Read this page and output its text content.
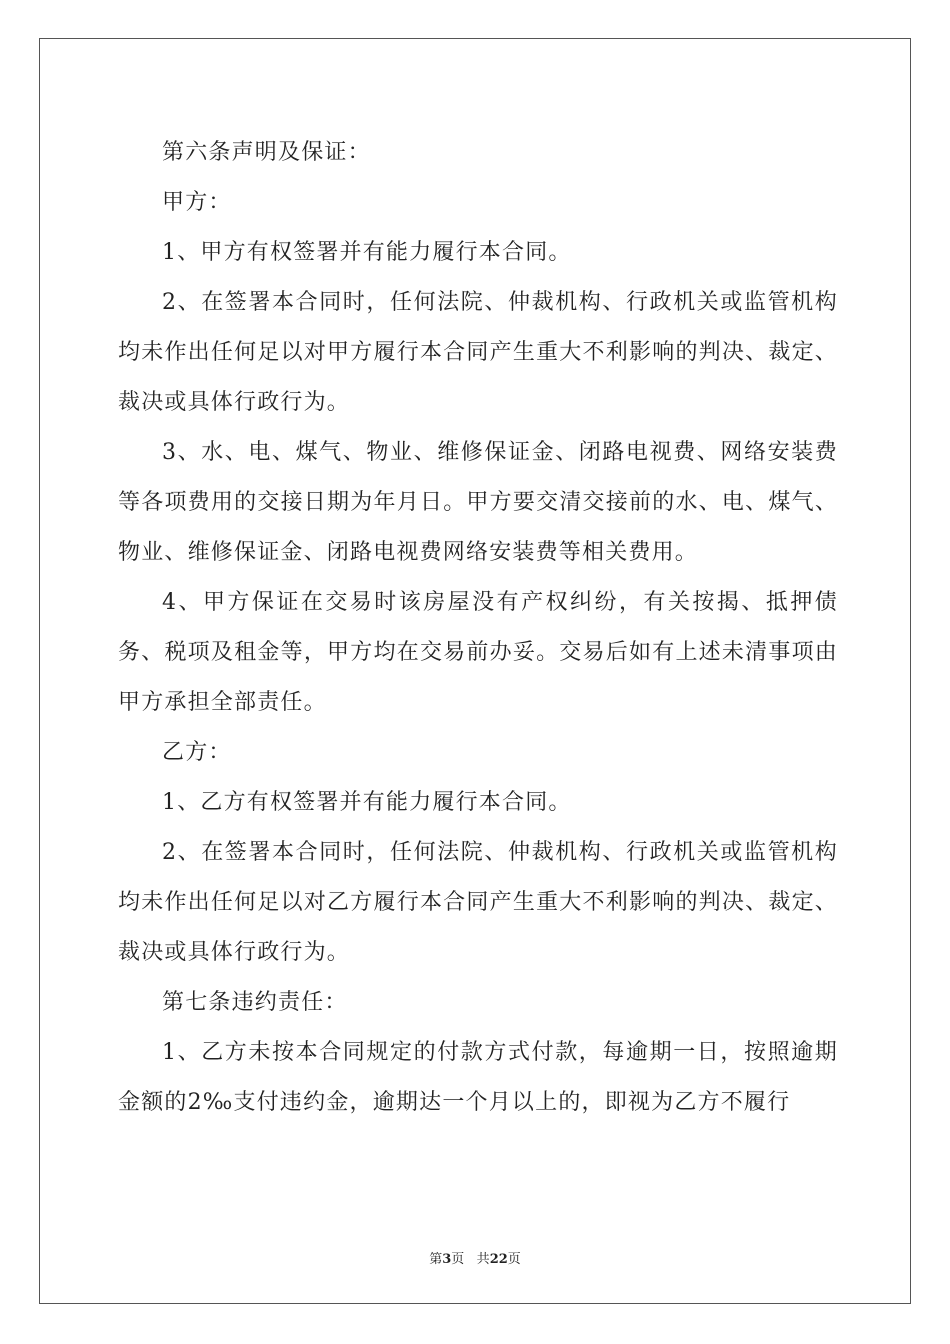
第六条声明及保证：

甲方：

1、甲方有权签署并有能力履行本合同。

2、在签署本合同时，任何法院、仲裁机构、行政机关或监管机构均未作出任何足以对甲方履行本合同产生重大不利影响的判决、裁定、裁决或具体行政行为。

3、水、电、煤气、物业、维修保证金、闭路电视费、网络安装费等各项费用的交接日期为年月日。甲方要交清交接前的水、电、煤气、物业、维修保证金、闭路电视费网络安装费等相关费用。

4、甲方保证在交易时该房屋没有产权纠纷，有关按揭、抵押债务、税项及租金等，甲方均在交易前办妥。交易后如有上述未清事项由甲方承担全部责任。

乙方：

1、乙方有权签署并有能力履行本合同。

2、在签署本合同时，任何法院、仲裁机构、行政机关或监管机构均未作出任何足以对乙方履行本合同产生重大不利影响的判决、裁定、裁决或具体行政行为。

第七条违约责任：

1、乙方未按本合同规定的付款方式付款，每逾期一日，按照逾期金额的2‰支付违约金，逾期达一个月以上的，即视为乙方不履行

第3页 共22页
